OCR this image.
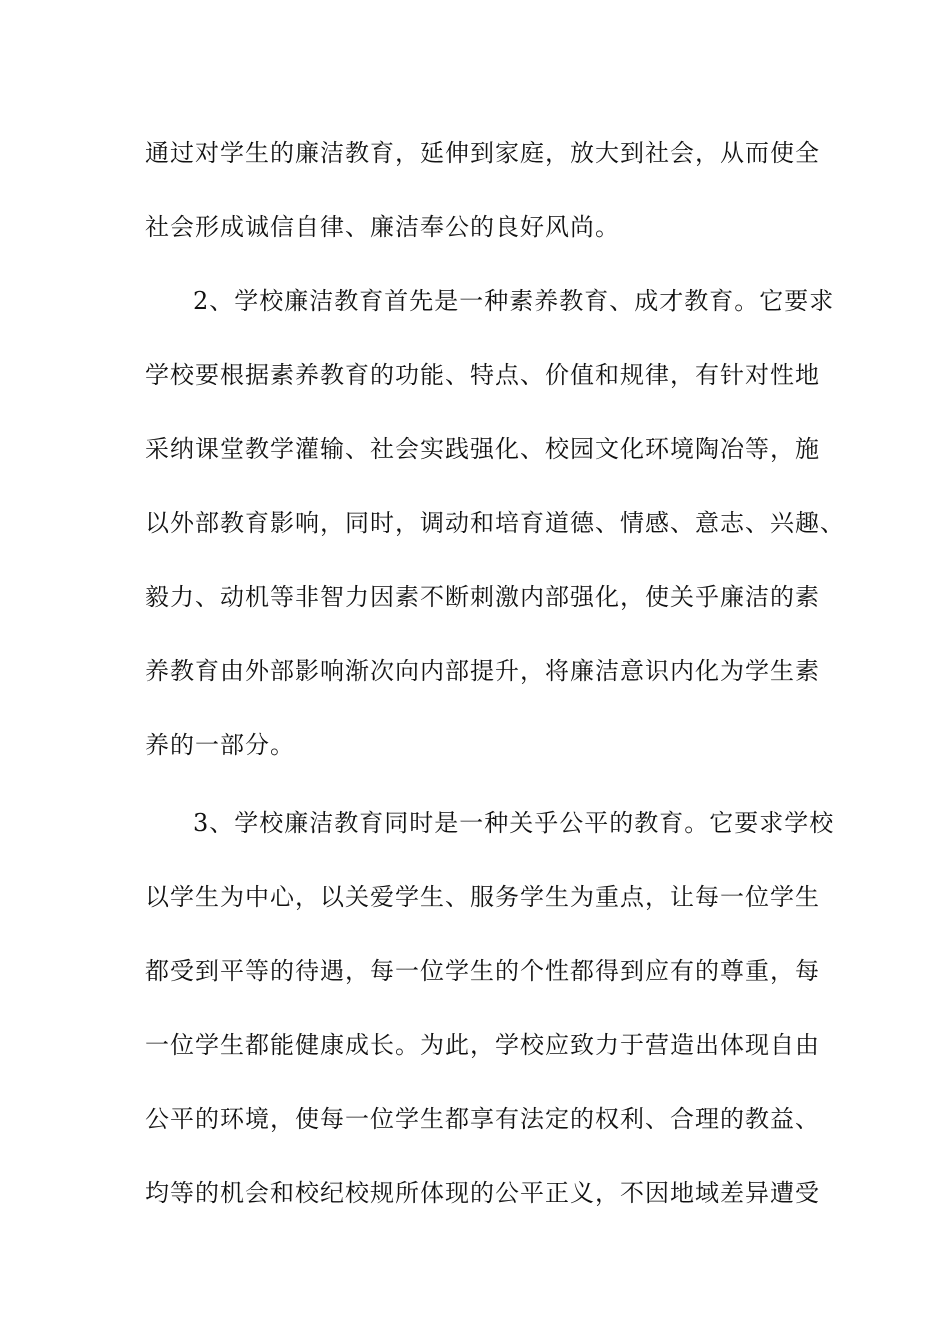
通过对学生的廉洁教育，延伸到家庭，放大到社会，从而使全
社会形成诚信自律、廉洁奉公的良好风尚。
2、学校廉洁教育首先是一种素养教育、成才教育。它要求
学校要根据素养教育的功能、特点、价值和规律，有针对性地
采纳课堂教学灌输、社会实践强化、校园文化环境陶冶等，施
以外部教育影响，同时，调动和培育道德、情感、意志、兴趣、
毅力、动机等非智力因素不断刺激内部强化，使关乎廉洁的素
养教育由外部影响渐次向内部提升，将廉洁意识内化为学生素
养的一部分。
3、学校廉洁教育同时是一种关乎公平的教育。它要求学校
以学生为中心，以关爱学生、服务学生为重点，让每一位学生
都受到平等的待遇，每一位学生的个性都得到应有的尊重，每
一位学生都能健康成长。为此，学校应致力于营造出体现自由
公平的环境，使每一位学生都享有法定的权利、合理的教益、
均等的机会和校纪校规所体现的公平正义，不因地域差异遭受
